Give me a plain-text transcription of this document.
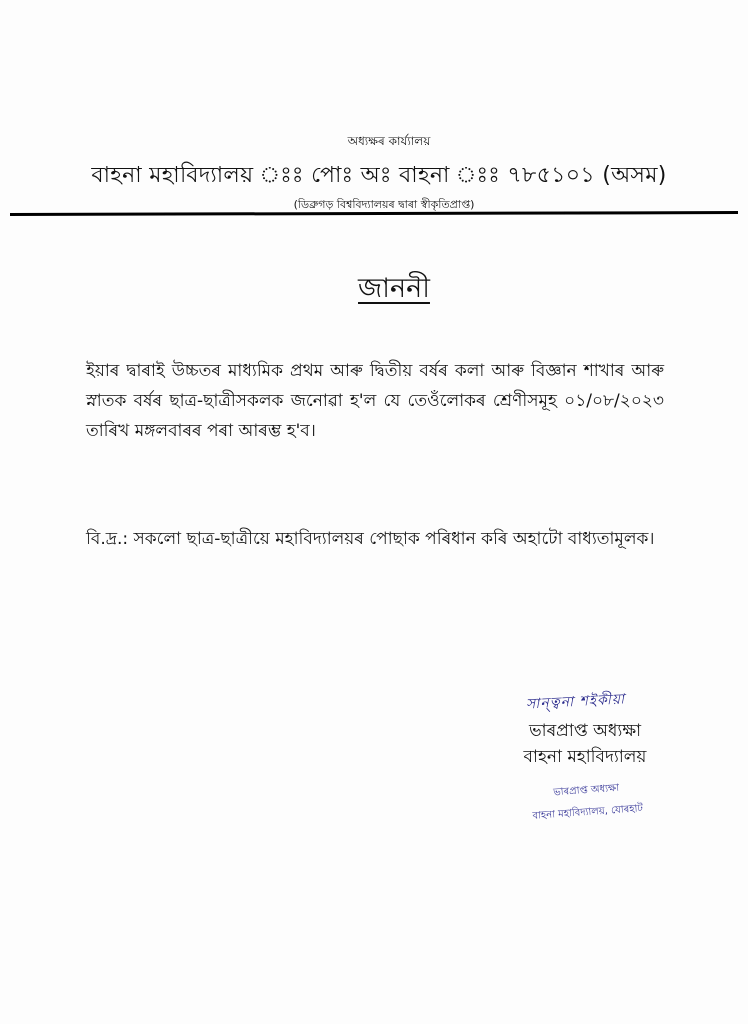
অধ্যক্ষৰ কাৰ্য্যালয়
বাহনা মহাবিদ্যালয় ঃঃ পোঃ অঃ বাহনা ঃঃ ৭৮৫১০১ (অসম)
(ডিব্ৰুগড় বিশ্ববিদ্যালয়ৰ দ্বাৰা স্বীকৃতিপ্ৰাপ্ত)
জাননী
ইয়াৰ দ্বাৰাই উচ্চতৰ মাধ্যমিক প্ৰথম আৰু দ্বিতীয় বৰ্ষৰ কলা আৰু বিজ্ঞান শাখাৰ আৰু স্নাতক বৰ্ষৰ ছাত্ৰ-ছাত্ৰীসকলক জনোৱা হ'ল যে তেওঁলোকৰ শ্ৰেণীসমূহ ০১/০৮/২০২৩ তাৰিখ মঙ্গলবাৰৰ পৰা আৰম্ভ হ'ব।
বি.দ্ৰ.: সকলো ছাত্ৰ-ছাত্ৰীয়ে মহাবিদ্যালয়ৰ পোছাক পৰিধান কৰি অহাটো বাধ্যতামূলক।
সান্ত্বনা শইকীয়া
ভাৰপ্ৰাপ্ত অধ্যক্ষা
বাহনা মহাবিদ্যালয়
ভাৰপ্ৰাপ্ত অধ্যক্ষা
বাহনা মহাবিদ্যালয়, যোৰহাট
